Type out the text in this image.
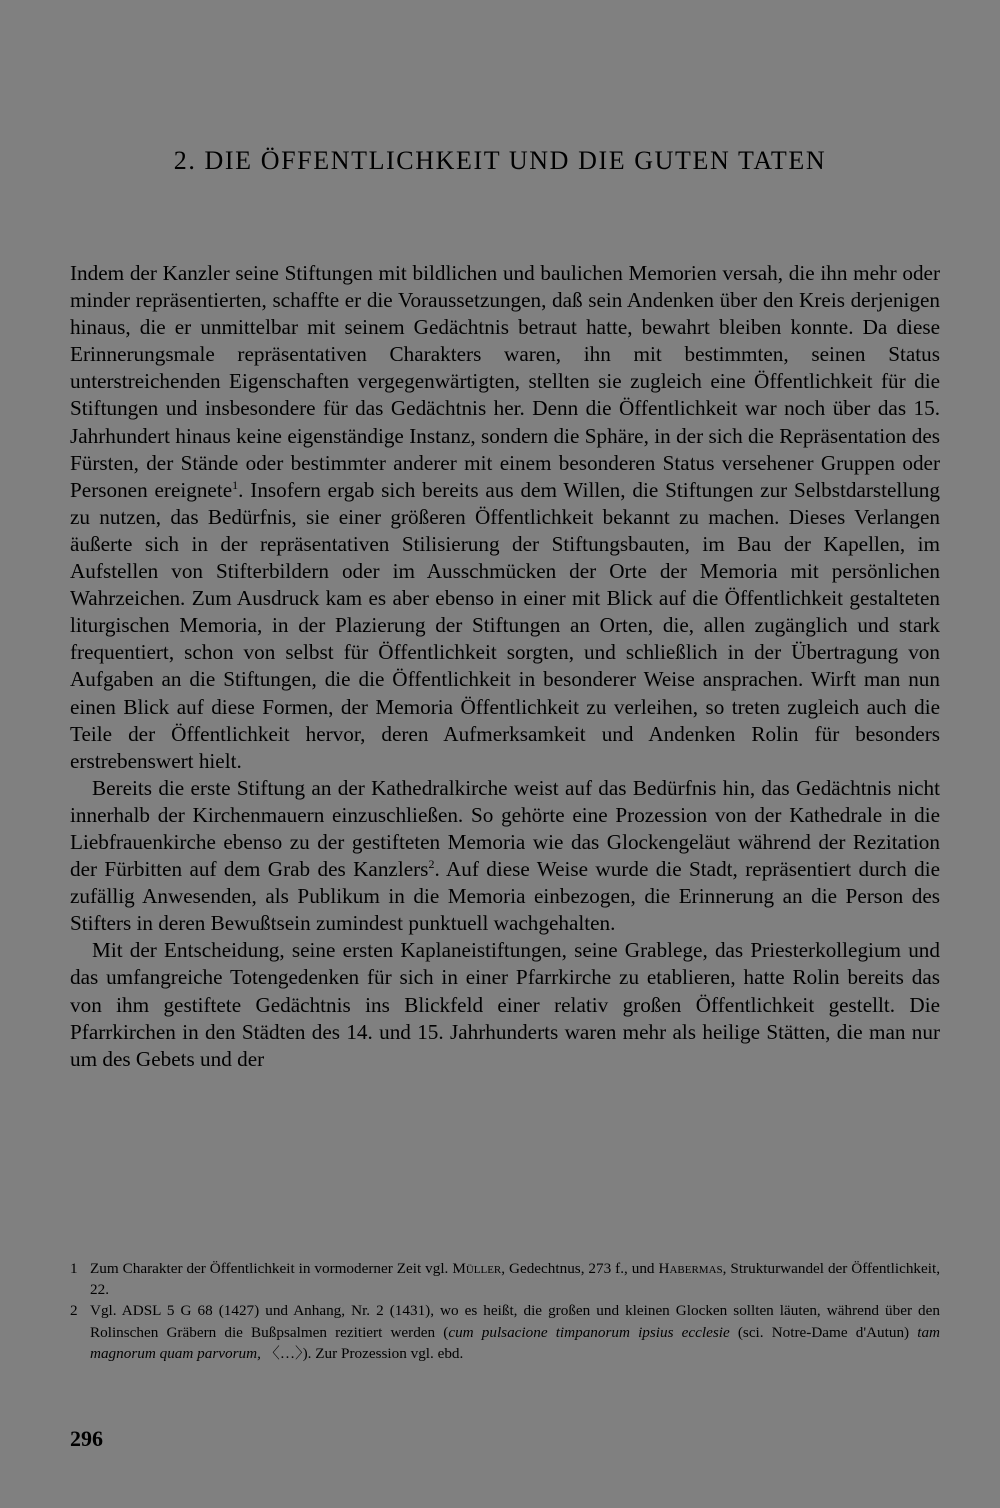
2. DIE ÖFFENTLICHKEIT UND DIE GUTEN TATEN

Indem der Kanzler seine Stiftungen mit bildlichen und baulichen Memorien versah, die ihn mehr oder minder repräsentierten, schaffte er die Voraussetzungen, daß sein Andenken über den Kreis derjenigen hinaus, die er unmittelbar mit seinem Gedächtnis betraut hatte, bewahrt bleiben konnte. Da diese Erinnerungsmale repräsentativen Charakters waren, ihn mit bestimmten, seinen Status unterstreichenden Eigenschaften vergegenwärtigten, stellten sie zugleich eine Öffentlichkeit für die Stiftungen und insbesondere für das Gedächtnis her. Denn die Öffentlichkeit war noch über das 15. Jahrhundert hinaus keine eigenständige Instanz, sondern die Sphäre, in der sich die Repräsentation des Fürsten, der Stände oder bestimmter anderer mit einem besonderen Status versehener Gruppen oder Personen ereignete$^1$. Insofern ergab sich bereits aus dem Willen, die Stiftungen zur Selbstdarstellung zu nutzen, das Bedürfnis, sie einer größeren Öffentlichkeit bekannt zu machen. Dieses Verlangen äußerte sich in der repräsentativen Stilisierung der Stiftungsbauten, im Bau der Kapellen, im Aufstellen von Stifterbildern oder im Ausschmücken der Orte der Memoria mit persönlichen Wahrzeichen. Zum Ausdruck kam es aber ebenso in einer mit Blick auf die Öffentlichkeit gestalteten liturgischen Memoria, in der Plazierung der Stiftungen an Orten, die, allen zugänglich und stark frequentiert, schon von selbst für Öffentlichkeit sorgten, und schließlich in der Übertragung von Aufgaben an die Stiftungen, die die Öffentlichkeit in besonderer Weise ansprachen. Wirft man nun einen Blick auf diese Formen, der Memoria Öffentlichkeit zu verleihen, so treten zugleich auch die Teile der Öffentlichkeit hervor, deren Aufmerksamkeit und Andenken Rolin für besonders erstrebenswert hielt.

Bereits die erste Stiftung an der Kathedralkirche weist auf das Bedürfnis hin, das Gedächtnis nicht innerhalb der Kirchenmauern einzuschließen. So gehörte eine Prozession von der Kathedrale in die Liebfrauenkirche ebenso zu der gestifteten Memoria wie das Glockengeläut während der Rezitation der Fürbitten auf dem Grab des Kanzlers$^2$. Auf diese Weise wurde die Stadt, repräsentiert durch die zufällig Anwesenden, als Publikum in die Memoria einbezogen, die Erinnerung an die Person des Stifters in deren Bewußtsein zumindest punktuell wachgehalten.

Mit der Entscheidung, seine ersten Kaplaneistiftungen, seine Grablege, das Priesterkollegium und das umfangreiche Totengedenken für sich in einer Pfarrkirche zu etablieren, hatte Rolin bereits das von ihm gestiftete Gedächtnis ins Blickfeld einer relativ großen Öffentlichkeit gestellt. Die Pfarrkirchen in den Städten des 14. und 15. Jahrhunderts waren mehr als heilige Stätten, die man nur um des Gebets und der

1 Zum Charakter der Öffentlichkeit in vormoderner Zeit vgl. Müller, Gedechtnus, 273 f., und Habermas, Strukturwandel der Öffentlichkeit, 22.
2 Vgl. ADSL 5 G 68 (1427) und Anhang, Nr. 2 (1431), wo es heißt, die großen und kleinen Glocken sollten läuten, während über den Rolinschen Gräbern die Bußpsalmen rezitiert werden (cum pulsacione timpanorum ipsius ecclesie (sci. Notre-Dame d'Autun) tam magnorum quam parvorum, 〈…〉). Zur Prozession vgl. ebd.
296
